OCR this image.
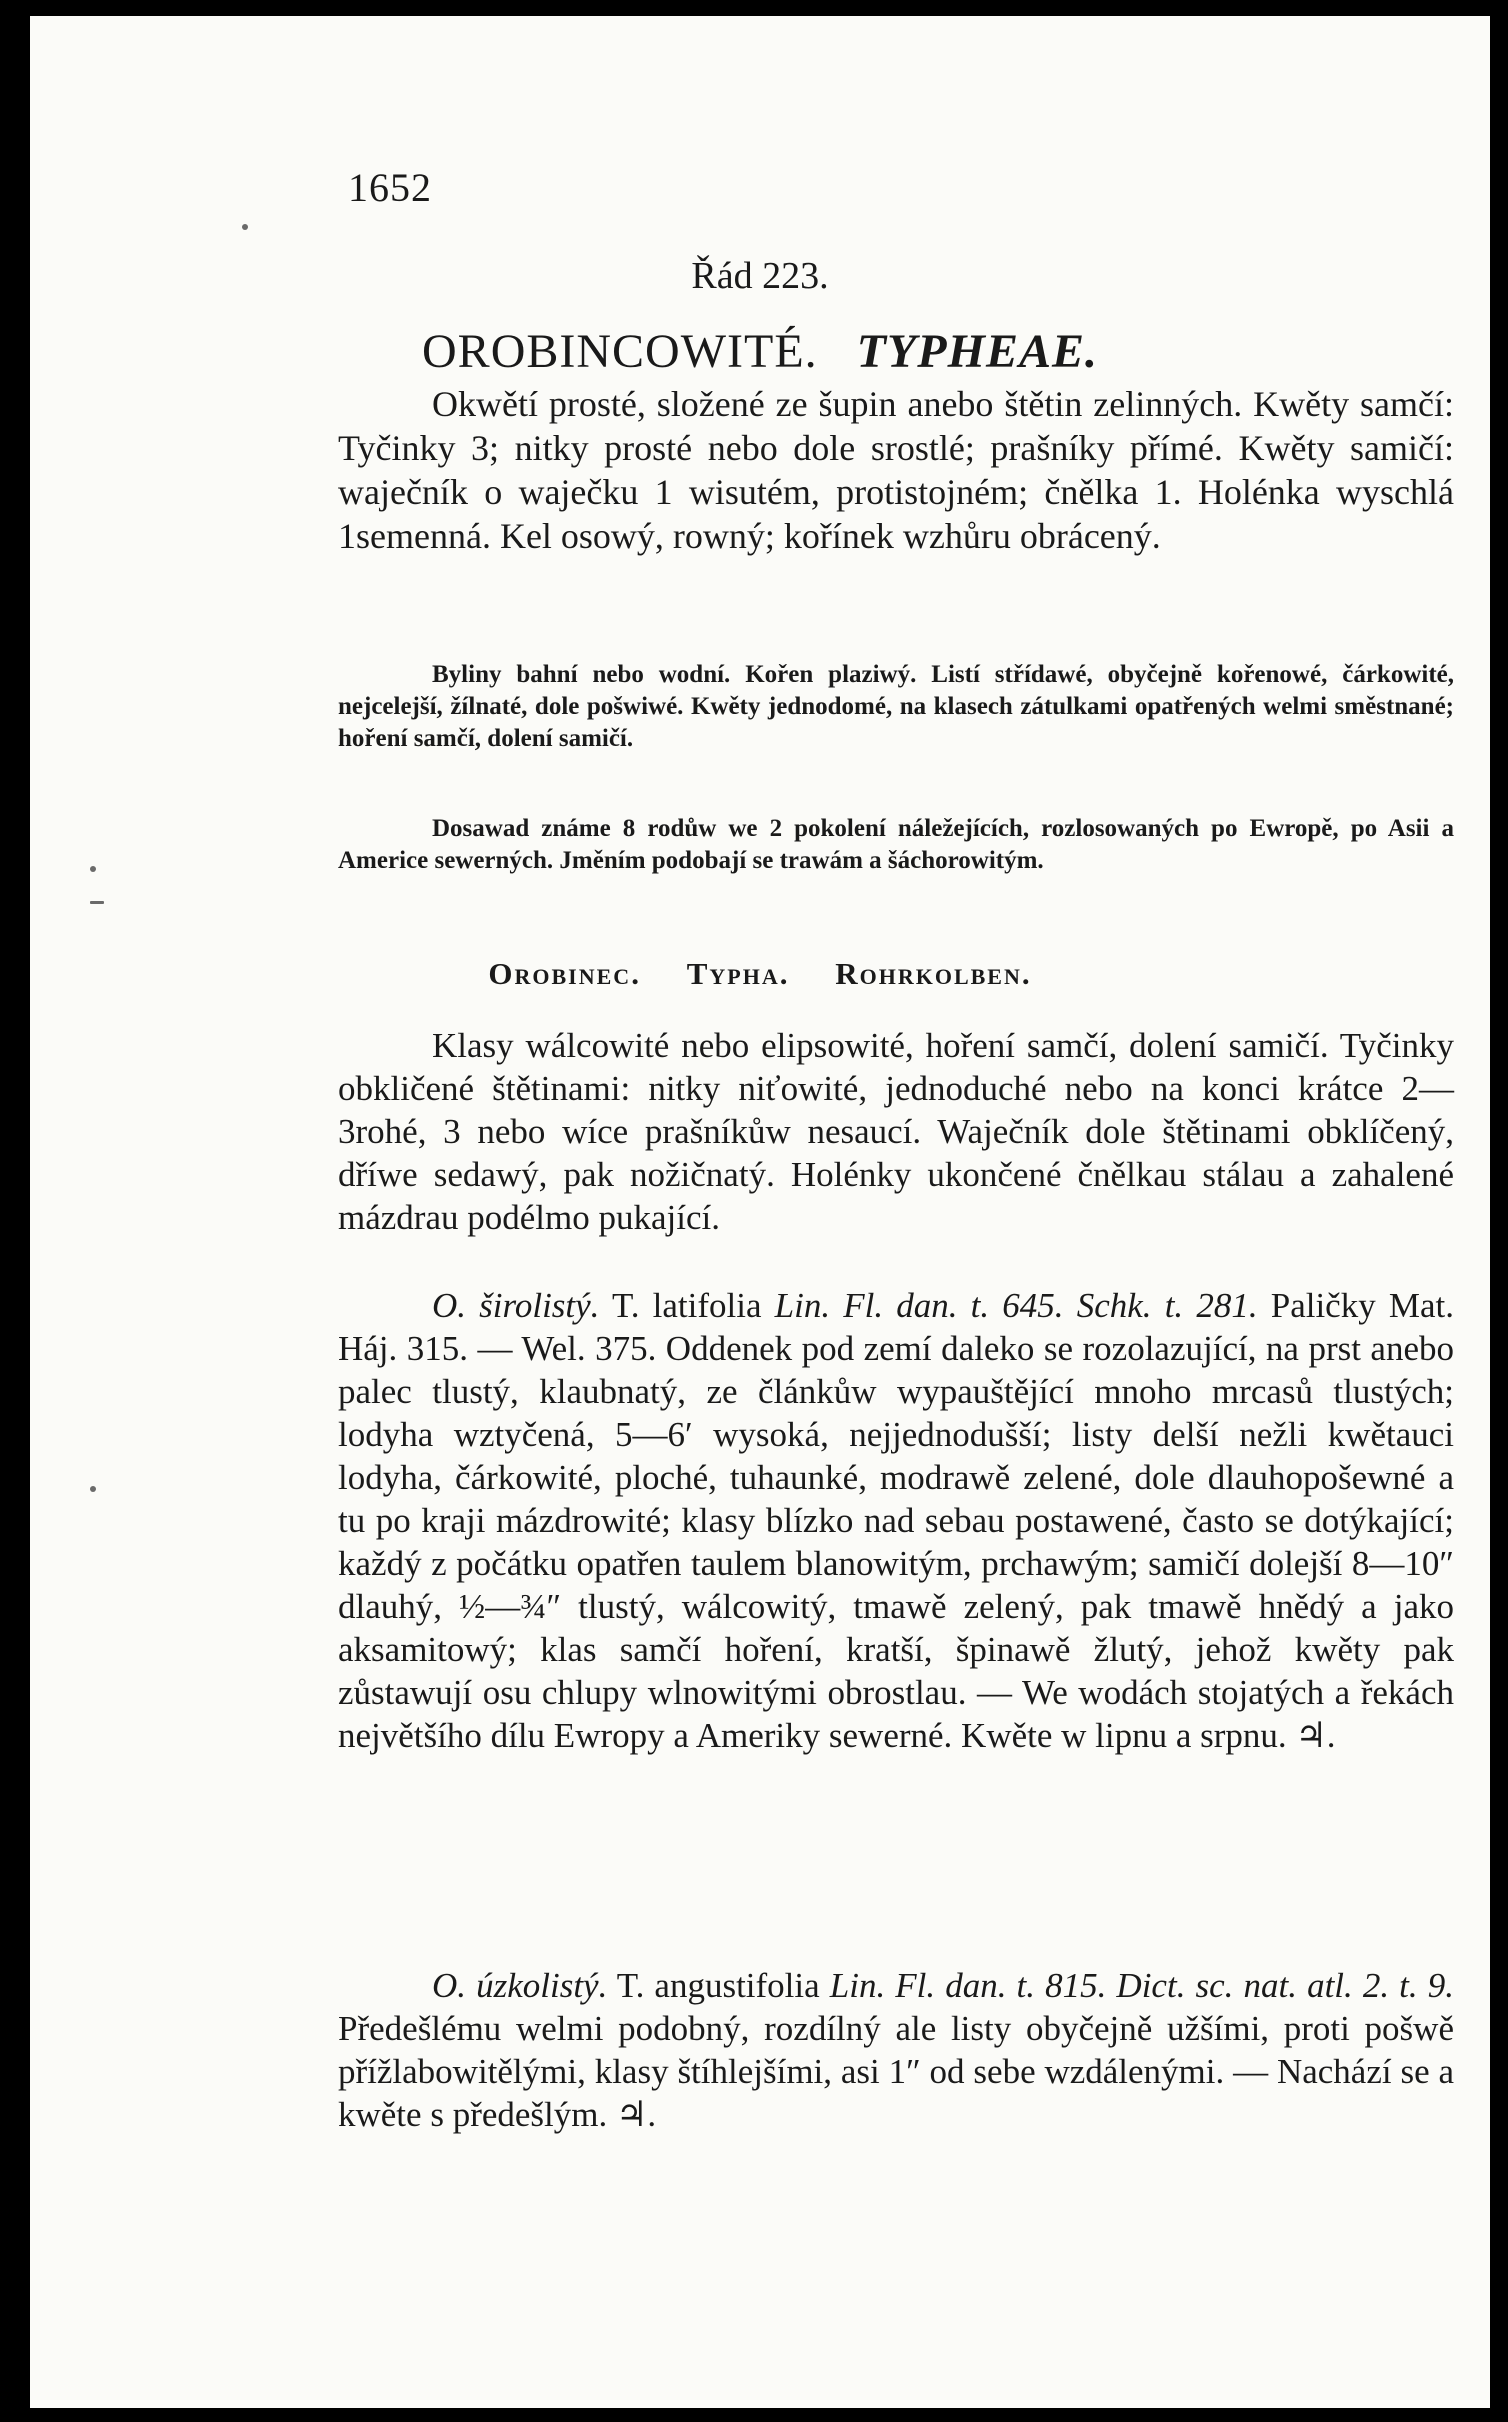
1652
Řád 223.
OROBINCOWITÉ. TYPHEAE.

Okwětí prosté, složené ze šupin anebo štětin zelinných. Kwěty samčí: Tyčinky 3; nitky prosté nebo dole srostlé; prašníky přímé. Kwěty samičí: waječník o waječku 1 wisutém, protistojném; čnělka 1. Holénka wyschlá 1semenná. Kel osowý, rowný; kořínek wzhůru obrácený.

Byliny bahní nebo wodní. Kořen plaziwý. Listí střídawé, obyčejně kořenowé, čárkowité, nejcelejší, žílnaté, dole pošwiwé. Kwěty jednodomé, na klasech zátulkami opatřených welmi směstnané; hoření samčí, dolení samičí.

Dosawad známe 8 rodůw we 2 pokolení náležejících, rozlosowaných po Ewropě, po Asii a Americe sewerných. Jměním podobají se trawám a šáchorowitým.

Orobinec. Typha. Rohrkolben.

Klasy wálcowité nebo elipsowité, hoření samčí, dolení samičí. Tyčinky obkličené štětinami: nitky niťowité, jednoduché nebo na konci krátce 2—3rohé, 3 nebo wíce prašníkůw nesaucí. Waječník dole štětinami obklíčený, dříwe sedawý, pak nožičnatý. Holénky ukončené čnělkau stálau a zahalené mázdrau podélmo pukající.

O. širolistý. T. latifolia Lin. Fl. dan. t. 645. Schk. t. 281. Paličky Mat. Háj. 315. — Wel. 375. Oddenek pod zemí daleko se rozolazující, na prst anebo palec tlustý, klaubnatý, ze článkůw wypauštějící mnoho mrcasů tlustých; lodyha wztyčená, 5—6′ wysoká, nejjednodušší; listy delší nežli kwětauci lodyha, čárkowité, ploché, tuhaunké, modrawě zelené, dole dlauhopošewné a tu po kraji mázdrowité; klasy blízko nad sebau postawené, často se dotýkající; každý z počátku opatřen taulem blanowitým, prchawým; samičí dolejší 8—10″ dlauhý, ½—¾″ tlustý, wálcowitý, tmawě zelený, pak tmawě hnědý a jako aksamitowý; klas samčí hoření, kratší, špinawě žlutý, jehož kwěty pak zůstawují osu chlupy wlnowitými obrostlau. — We wodách stojatých a řekách největšího dílu Ewropy a Ameriky sewerné. Kwěte w lipnu a srpnu. ♃.

O. úzkolistý. T. angustifolia Lin. Fl. dan. t. 815. Dict. sc. nat. atl. 2. t. 9. Předešlému welmi podobný, rozdílný ale listy obyčejně užšími, proti pošwě přížlabowitělými, klasy štíhlejšími, asi 1″ od sebe wzdálenými. — Nachází se a kwěte s předešlým. ♃.
